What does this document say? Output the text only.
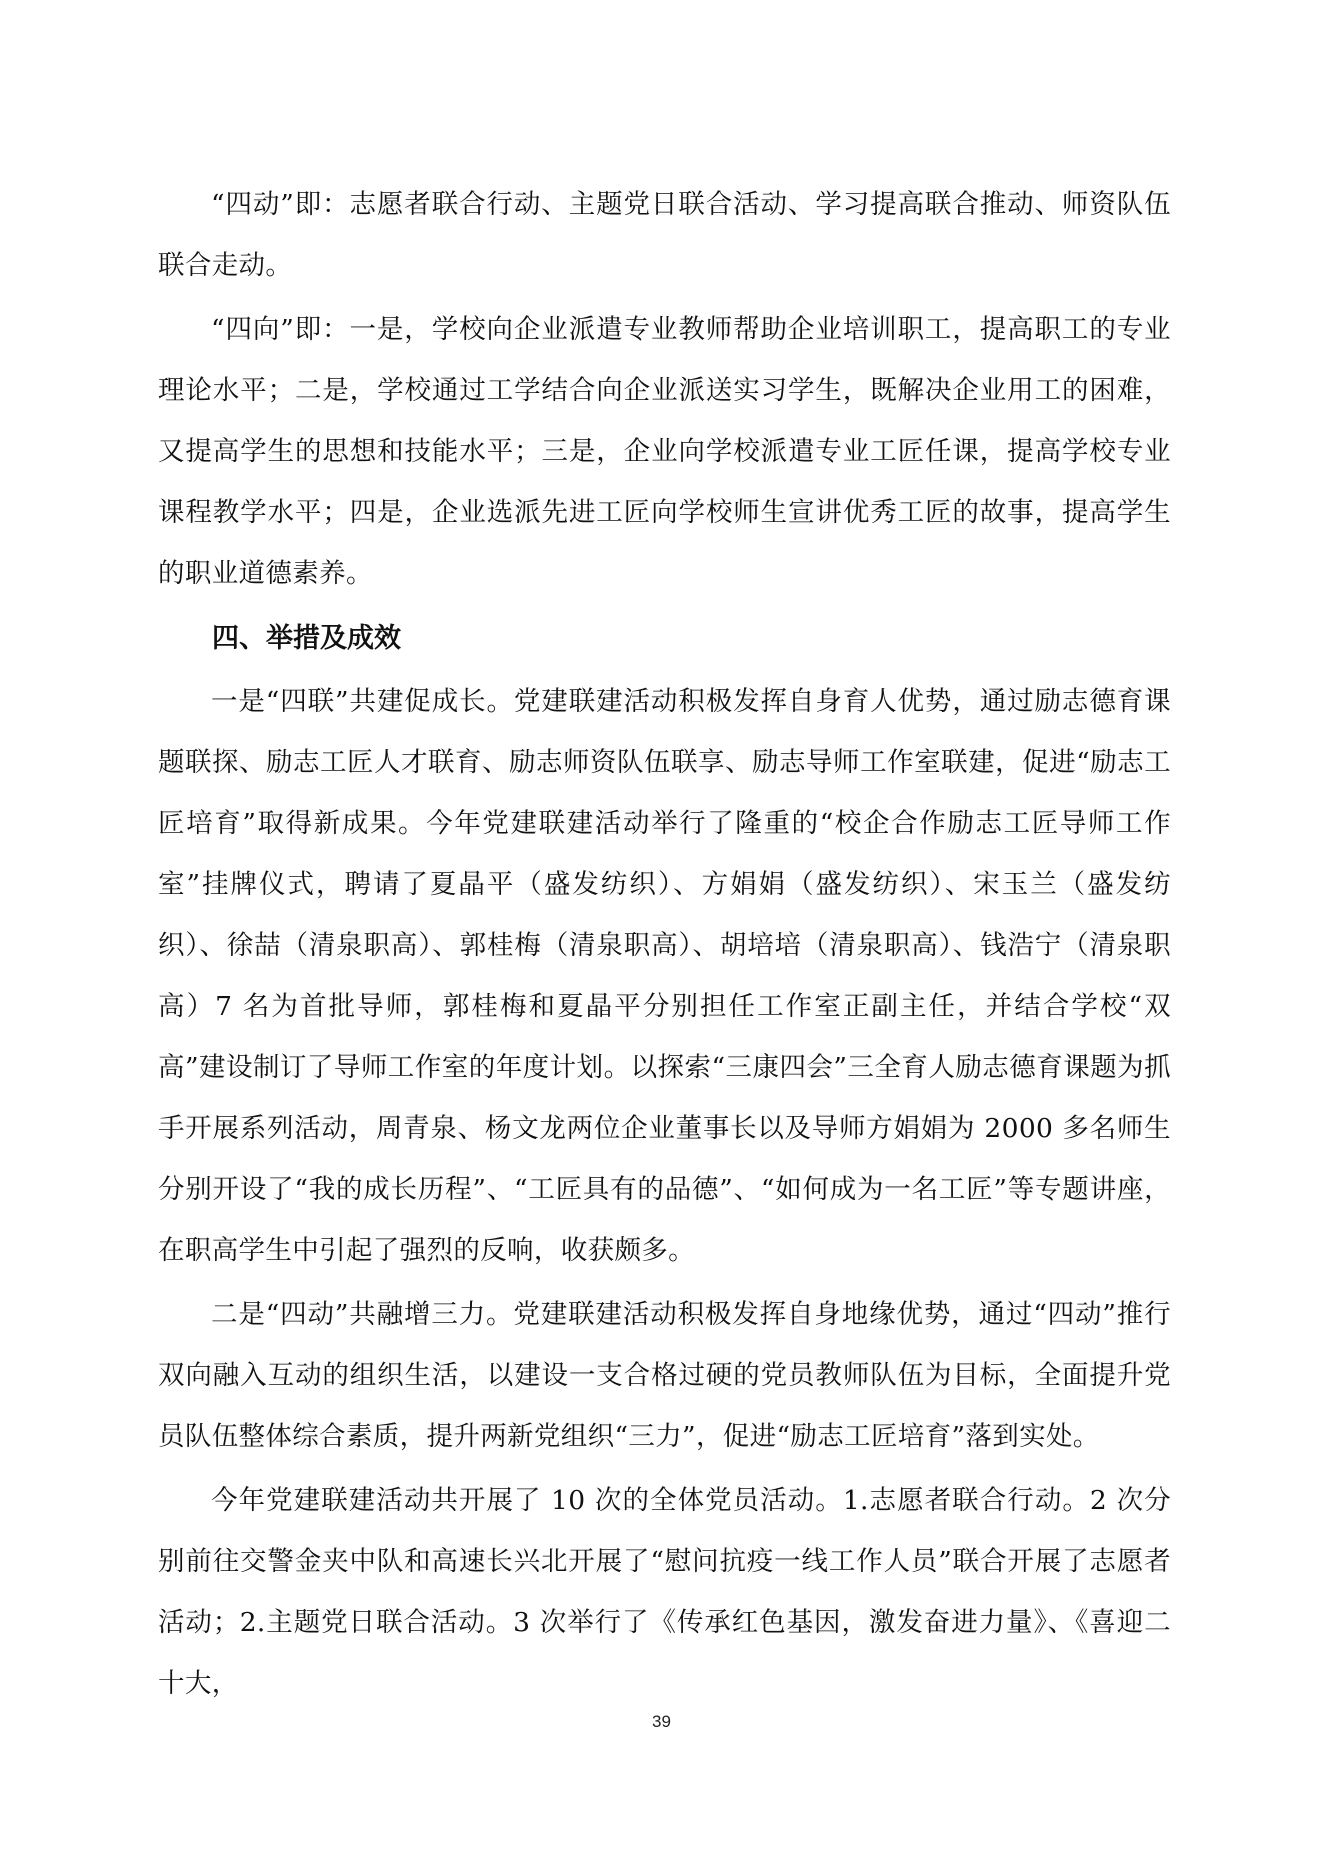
“四动”即：志愿者联合行动、主题党日联合活动、学习提高联合推动、师资队伍联合走动。

“四向”即：一是，学校向企业派遣专业教师帮助企业培训职工，提高职工的专业理论水平；二是，学校通过工学结合向企业派送实习学生，既解决企业用工的困难，又提高学生的思想和技能水平；三是，企业向学校派遣专业工匠任课，提高学校专业课程教学水平；四是，企业选派先进工匠向学校师生宣讲优秀工匠的故事，提高学生的职业道德素养。

四、举措及成效

一是“四联”共建促成长。党建联建活动积极发挥自身育人优势，通过励志德育课题联探、励志工匠人才联育、励志师资队伍联享、励志导师工作室联建，促进“励志工匠培育”取得新成果。今年党建联建活动举行了隆重的“校企合作励志工匠导师工作室”挂牌仪式，聘请了夏晶平（盛发纺织）、方娟娟（盛发纺织）、宋玉兰（盛发纺织）、徐喆（清泉职高）、郭桂梅（清泉职高）、胡培培（清泉职高）、钱浩宁（清泉职高）7 名为首批导师，郭桂梅和夏晶平分别担任工作室正副主任，并结合学校“双高”建设制订了导师工作室的年度计划。以探索“三康四会”三全育人励志德育课题为抓手开展系列活动，周青泉、杨文龙两位企业董事长以及导师方娟娟为 2000 多名师生分别开设了“我的成长历程”、“工匠具有的品德”、“如何成为一名工匠”等专题讲座，在职高学生中引起了强烈的反响，收获颇多。

二是“四动”共融增三力。党建联建活动积极发挥自身地缘优势，通过“四动”推行双向融入互动的组织生活，以建设一支合格过硬的党员教师队伍为目标，全面提升党员队伍整体综合素质，提升两新党组织“三力”，促进“励志工匠培育”落到实处。

今年党建联建活动共开展了 10 次的全体党员活动。1.志愿者联合行动。2 次分别前往交警金夹中队和高速长兴北开展了“慰问抗疫一线工作人员”联合开展了志愿者活动；2.主题党日联合活动。3 次举行了《传承红色基因，激发奋进力量》、《喜迎二十大，

39
